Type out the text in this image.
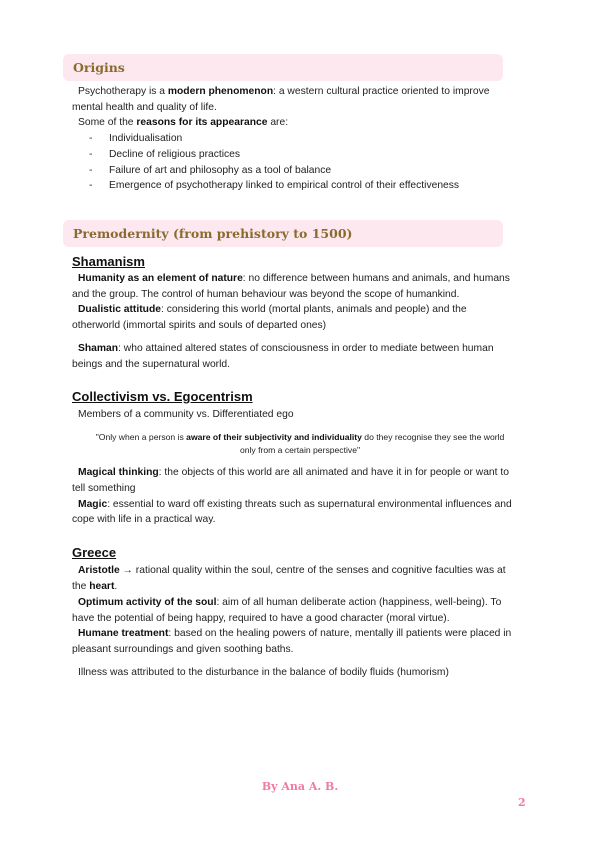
Origins
Psychotherapy is a modern phenomenon: a western cultural practice oriented to improve
mental health and quality of life.
Some of the reasons for its appearance are:
- Individualisation
- Decline of religious practices
- Failure of art and philosophy as a tool of balance
- Emergence of psychotherapy linked to empirical control of their effectiveness
Premodernity (from prehistory to 1500)
Shamanism
Humanity as an element of nature: no difference between humans and animals, and humans
and the group. The control of human behaviour was beyond the scope of humankind.
Dualistic attitude: considering this world (mortal plants, animals and people) and the
otherworld (immortal spirits and souls of departed ones)
Shaman: who attained altered states of consciousness in order to mediate between human
beings and the supernatural world.
Collectivism vs. Egocentrism
Members of a community vs. Differentiated ego
"Only when a person is aware of their subjectivity and individuality do they recognise they see the world
only from a certain perspective"
Magical thinking: the objects of this world are all animated and have it in for people or want to
tell something
Magic: essential to ward off existing threats such as supernatural environmental influences and
cope with life in a practical way.
Greece
Aristotle → rational quality within the soul, centre of the senses and cognitive faculties was at
the heart.
Optimum activity of the soul: aim of all human deliberate action (happiness, well-being). To
have the potential of being happy, required to have a good character (moral virtue).
Humane treatment: based on the healing powers of nature, mentally ill patients were placed in
pleasant surroundings and given soothing baths.
Illness was attributed to the disturbance in the balance of bodily fluids (humorism)
By Ana A. B.
2
